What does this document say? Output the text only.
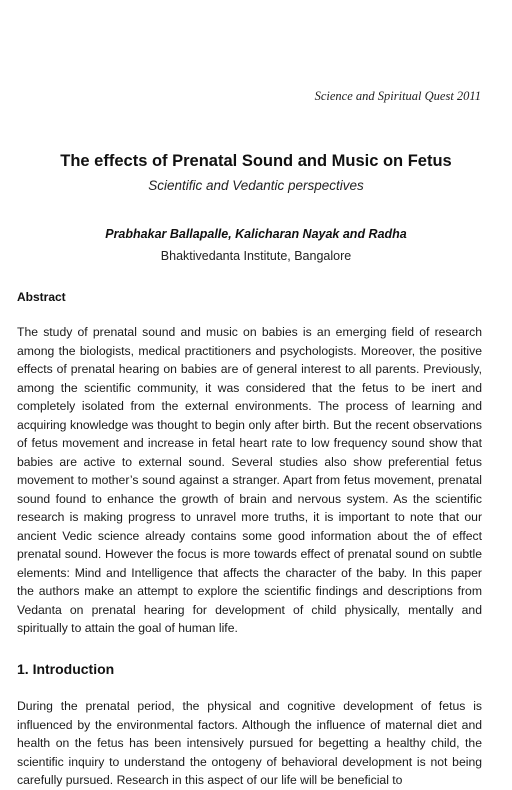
Science and Spiritual Quest 2011
The effects of Prenatal Sound and Music on Fetus
Scientific and Vedantic perspectives
Prabhakar Ballapalle, Kalicharan Nayak and Radha
Bhaktivedanta Institute, Bangalore
Abstract

The study of prenatal sound and music on babies is an emerging field of research among the biologists, medical practitioners and psychologists. Moreover, the positive effects of prenatal hearing on babies are of general interest to all parents. Previously, among the scientific community, it was considered that the fetus to be inert and completely isolated from the external environments. The process of learning and acquiring knowledge was thought to begin only after birth. But the recent observations of fetus movement and increase in fetal heart rate to low frequency sound show that babies are active to external sound. Several studies also show preferential fetus movement to mother’s sound against a stranger. Apart from fetus movement, prenatal sound found to enhance the growth of brain and nervous system. As the scientific research is making progress to unravel more truths, it is important to note that our ancient Vedic science already contains some good information about the of effect prenatal sound. However the focus is more towards effect of prenatal sound on subtle elements: Mind and Intelligence that affects the character of the baby. In this paper the authors make an attempt to explore the scientific findings and descriptions from Vedanta on prenatal hearing for development of child physically, mentally and spiritually to attain the goal of human life.

1. Introduction

During the prenatal period, the physical and cognitive development of fetus is influenced by the environmental factors. Although the influence of maternal diet and health on the fetus has been intensively pursued for begetting a healthy child, the scientific inquiry to understand the ontogeny of behavioral development is not being carefully pursued. Research in this aspect of our life will be beneficial to
